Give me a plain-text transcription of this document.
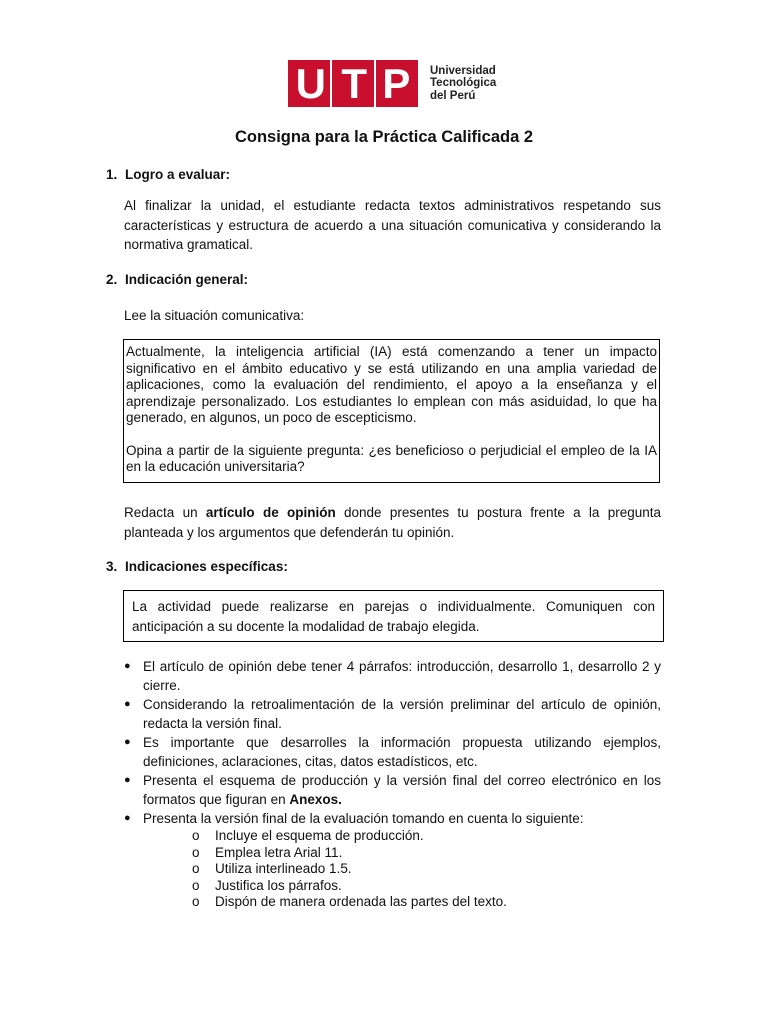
U T P Universidad
Tecnológica
del Perú
Consigna para la Práctica Calificada 2
1. Logro a evaluar:

Al finalizar la unidad, el estudiante redacta textos administrativos respetando sus características y estructura de acuerdo a una situación comunicativa y considerando la normativa gramatical.

2. Indicación general:

Lee la situación comunicativa:

Actualmente, la inteligencia artificial (IA) está comenzando a tener un impacto significativo en el ámbito educativo y se está utilizando en una amplia variedad de aplicaciones, como la evaluación del rendimiento, el apoyo a la enseñanza y el aprendizaje personalizado. Los estudiantes lo emplean con más asiduidad, lo que ha generado, en algunos, un poco de escepticismo.

Opina a partir de la siguiente pregunta: ¿es beneficioso o perjudicial el empleo de la IA en la educación universitaria?

Redacta un artículo de opinión donde presentes tu postura frente a la pregunta planteada y los argumentos que defenderán tu opinión.

3. Indicaciones específicas:
La actividad puede realizarse en parejas o individualmente. Comuniquen con anticipación a su docente la modalidad de trabajo elegida.
● El artículo de opinión debe tener 4 párrafos: introducción, desarrollo 1, desarrollo 2 y cierre.
● Considerando la retroalimentación de la versión preliminar del artículo de opinión, redacta la versión final.
● Es importante que desarrolles la información propuesta utilizando ejemplos, definiciones, aclaraciones, citas, datos estadísticos, etc.
● Presenta el esquema de producción y la versión final del correo electrónico en los formatos que figuran en Anexos.
● Presenta la versión final de la evaluación tomando en cuenta lo siguiente:
o Incluye el esquema de producción.
o Emplea letra Arial 11.
o Utiliza interlineado 1.5.
o Justifica los párrafos.
o Dispón de manera ordenada las partes del texto.
